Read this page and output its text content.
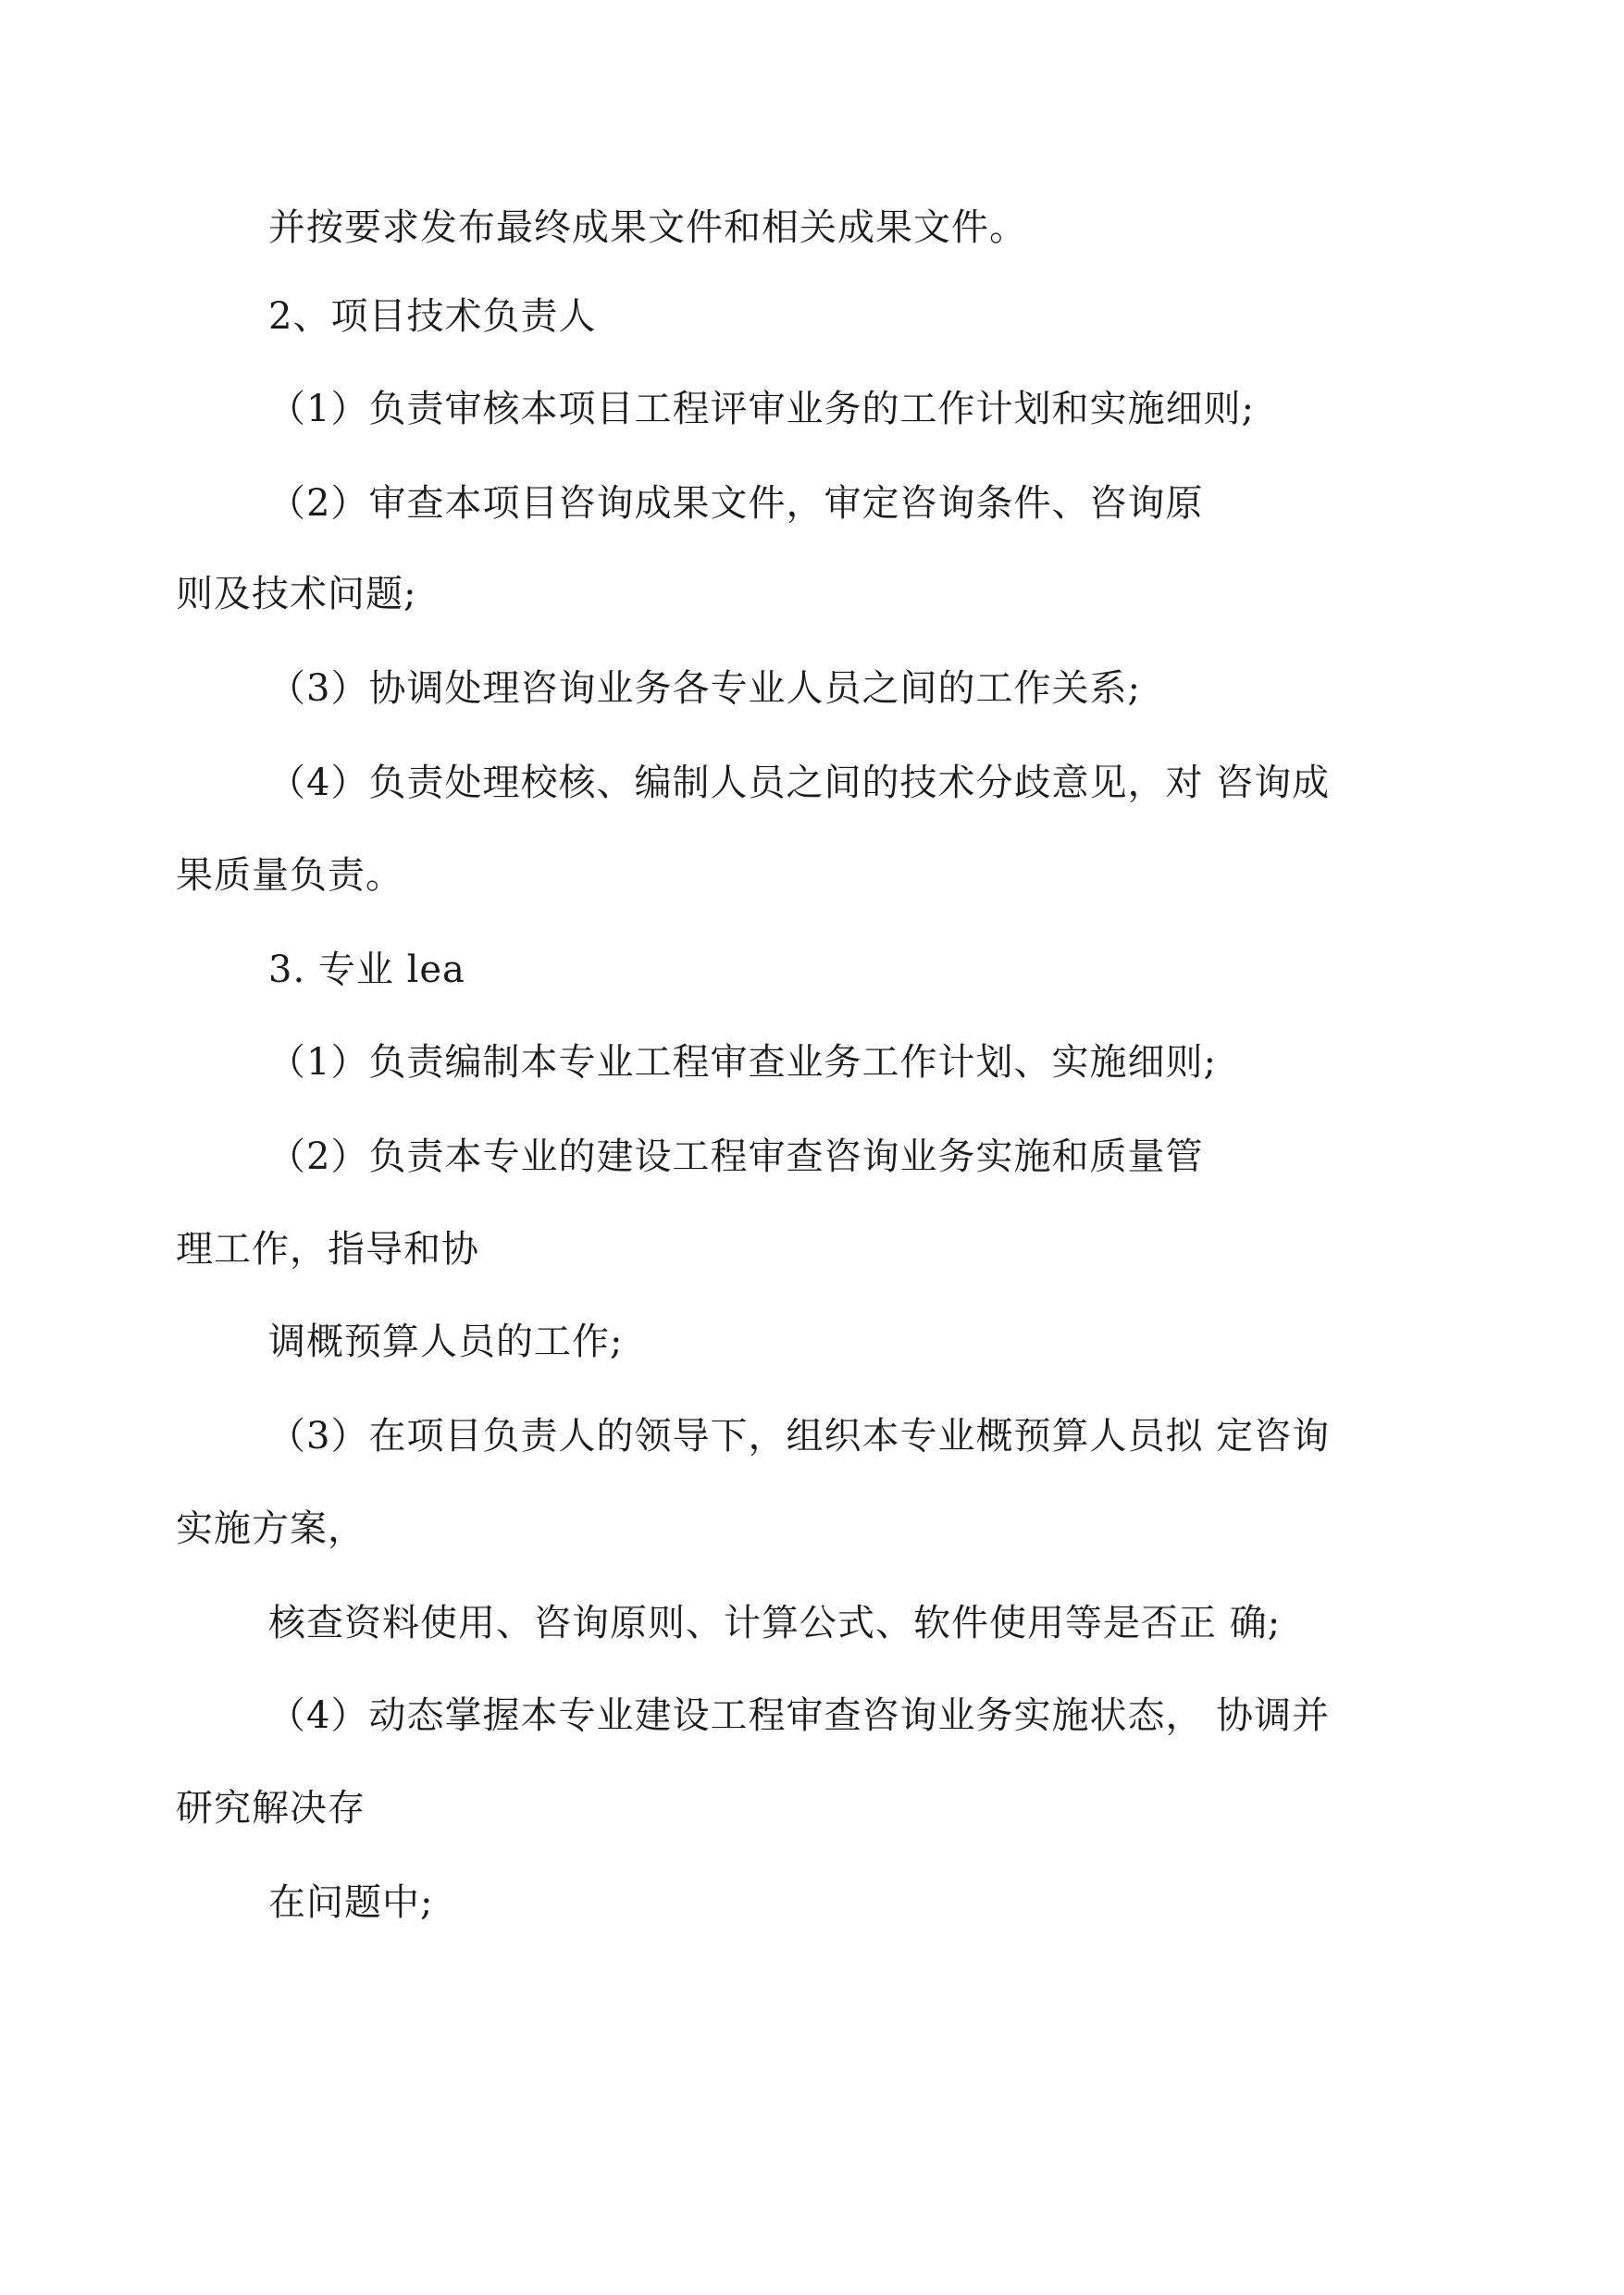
并按要求发布最终成果文件和相关成果文件。
2、项目技术负责人
（1）负责审核本项目工程评审业务的工作计划和实施细则;
（2）审查本项目咨询成果文件，审定咨询条件、咨询原
则及技术问题;
（3）协调处理咨询业务各专业人员之间的工作关系;
（4）负责处理校核、编制人员之间的技术分歧意见，对 咨询成
果质量负责。
3. 专业 lea
（1）负责编制本专业工程审查业务工作计划、实施细则;
（2）负责本专业的建设工程审查咨询业务实施和质量管
理工作，指导和协
调概预算人员的工作;
（3）在项目负责人的领导下，组织本专业概预算人员拟 定咨询
实施方案，
核查资料使用、咨询原则、计算公式、软件使用等是否正 确;
（4）动态掌握本专业建设工程审查咨询业务实施状态， 协调并
研究解决存
在问题中;
